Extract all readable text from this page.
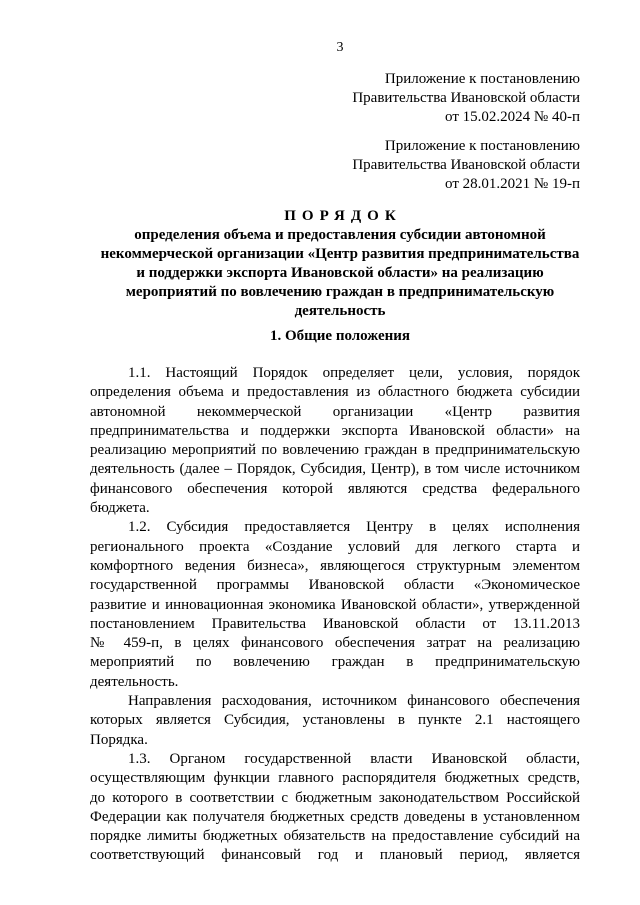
3
Приложение к постановлению
Правительства Ивановской области
от 15.02.2024 № 40-п
Приложение к постановлению
Правительства Ивановской области
от 28.01.2021 № 19-п
ПОРЯДОК
определения объема и предоставления субсидии автономной
некоммерческой организации «Центр развития предпринимательства
и поддержки экспорта Ивановской области» на реализацию
мероприятий по вовлечению граждан в предпринимательскую
деятельность
1. Общие положения
1.1. Настоящий Порядок определяет цели, условия, порядок
определения объема и предоставления из областного бюджета субсидии
автономной некоммерческой организации «Центр развития
предпринимательства и поддержки экспорта Ивановской области» на
реализацию мероприятий по вовлечению граждан в предпринимательскую
деятельность (далее – Порядок, Субсидия, Центр), в том числе источником
финансового обеспечения которой являются средства федерального
бюджета.
1.2. Субсидия предоставляется Центру в целях исполнения
регионального проекта «Создание условий для легкого старта и
комфортного ведения бизнеса», являющегося структурным элементом
государственной программы Ивановской области «Экономическое
развитие и инновационная экономика Ивановской области», утвержденной
постановлением Правительства Ивановской области от 13.11.2013
№ 459-п, в целях финансового обеспечения затрат на реализацию
мероприятий по вовлечению граждан в предпринимательскую
деятельность.
Направления расходования, источником финансового обеспечения
которых является Субсидия, установлены в пункте 2.1 настоящего
Порядка.
1.3. Органом государственной власти Ивановской области,
осуществляющим функции главного распорядителя бюджетных средств,
до которого в соответствии с бюджетным законодательством Российской
Федерации как получателя бюджетных средств доведены в установленном
порядке лимиты бюджетных обязательств на предоставление субсидий на
соответствующий финансовый год и плановый период, является
